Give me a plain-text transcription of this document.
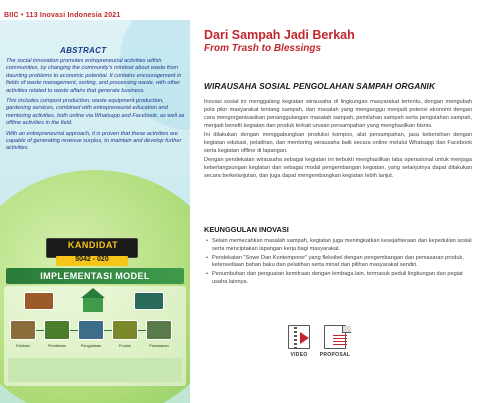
BIIC • 113 Inovasi Indonesia 2021
ABSTRACT

The social innovation promotes entrepreneurial activities within communities, by changing the community's mindset about waste from daunting problems to economic potential. It contains encouragement in fields of waste management, sorting, and processing waste, with other activities related to waste affairs that generate business.

This includes compost production, waste equipment production, gardening services, combined with entrepreneurial education and mentoring activities, both online via Whatsapp and Facebook, as well as offline activities in the field.

With an entrepreneurial approach, it is proven that these activities are capable of generating revenue surplus, to maintain and develop further activities.

KANDIDAT
5042 - 020
IMPLEMENTASI MODEL
Edukasi	Pemilahan	Pengolahan	Produk	Pemasaran
Dari Sampah Jadi Berkah
From Trash to Blessings
WIRAUSAHA SOSIAL PENGOLAHAN SAMPAH ORGANIK

Inovasi sosial ini menggalang kegiatan wirausaha di lingkungan masyarakat tertentu, dengan mengubah pola pikir masyarakat tentang sampah, dari masalah yang menganggu menjadi potensi ekonomi dengan cara mengorganisasikan penanggulangan masalah sampah, pemilahan sampah serta pengolahan sampah, menjadi benefit kegiatan dan produk terkait urusan persampahan yang menghasilkan bisnis.

Ini dilakukan dengan menggabungkan produksi kompos, alat persampahan, jasa kebersihan dengan kegiatan edukasi, pelatihan, dan mentoring wirausaha baik secara online melalui Whatsapp dan Facebook serta kegiatan offline di lapangan.

Dengan pendekatan wirausaha sebagai kegiatan ini terbukti menghasilkan laba operasional untuk menjaga keberlangsungan kegiatan dan sebagai modal pengembangan kegiatan, yang selanjutnya dapat dilakukan secara berkelanjutan, dan juga dapat mengembangkan kegiatan lebih lanjut.

KEUNGGULAN INOVASI
• Selain memecahkan masalah sampah, kegiatan juga meningkatkan kesejahteraan dan kepedulian sosial serta menciptakan lapangan kerja bagi masyarakat.
• Pendekatan "Sowe Dan Kontemporer" yang fleksibel dengan pengembangan dan pemasaran produk, ketersediaan bahan baku dan pelatihan serta minat dan pilihan masyarakat sendiri.
• Penumbuhan dan penguatan kemitraan dengan lembaga lain, termasuk peduli lingkungan dan pegiat usaha lainnya.
VIDEO	PROPOSAL
